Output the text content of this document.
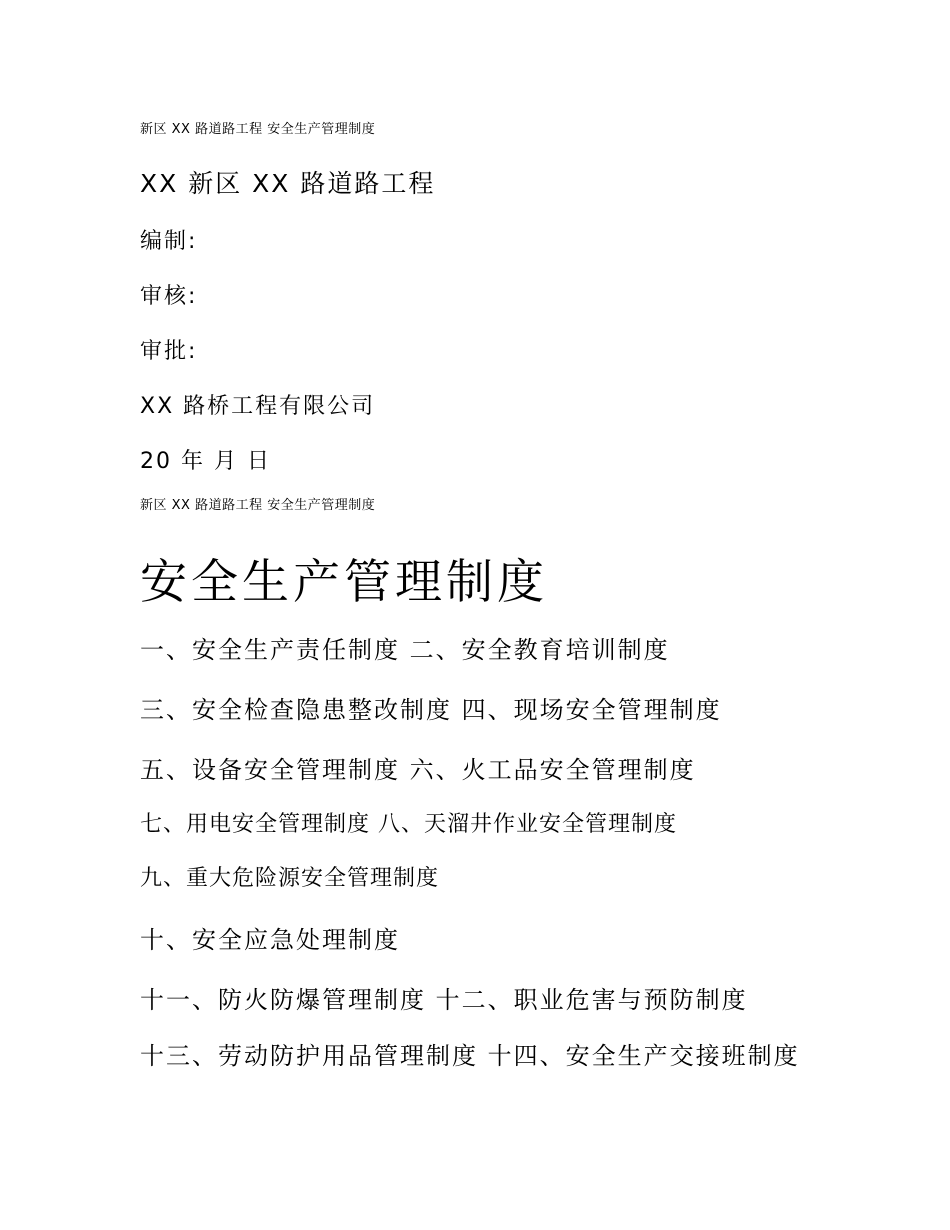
新区 XX 路道路工程 安全生产管理制度
XX 新区 XX 路道路工程
编制:
审核:
审批:
XX 路桥工程有限公司
20 年 月 日
新区 XX 路道路工程 安全生产管理制度
安全生产管理制度
一、安全生产责任制度 二、安全教育培训制度
三、安全检查隐患整改制度 四、现场安全管理制度
五、设备安全管理制度 六、火工品安全管理制度
七、用电安全管理制度 八、天溜井作业安全管理制度
九、重大危险源安全管理制度
十、安全应急处理制度
十一、防火防爆管理制度 十二、职业危害与预防制度
十三、劳动防护用品管理制度 十四、安全生产交接班制度
